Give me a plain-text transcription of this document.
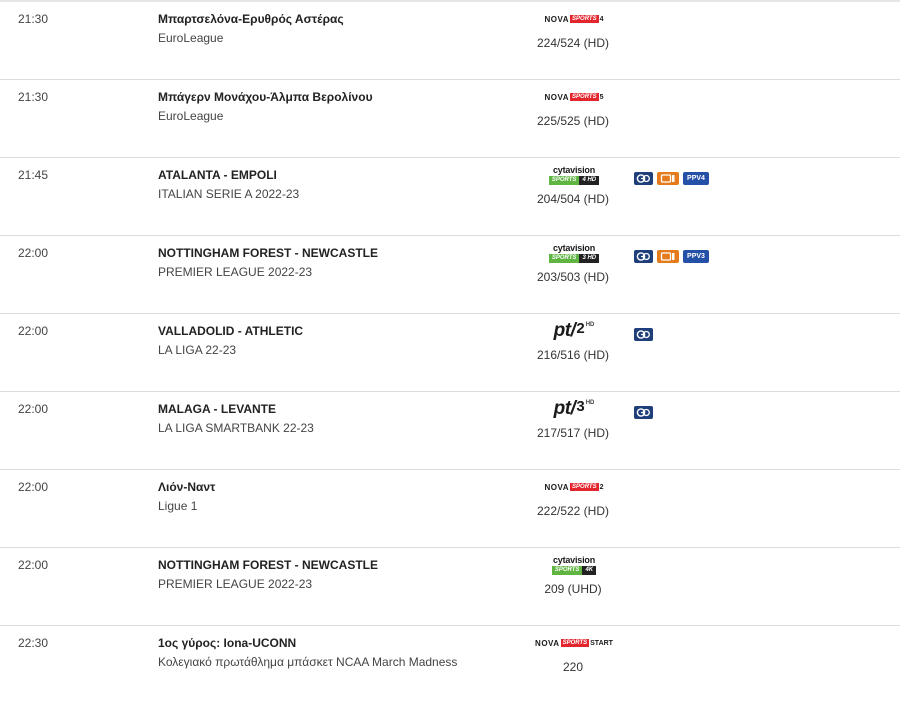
21:30	Μπαρτσελόνα-Ερυθρός Αστέρας
EuroLeague
NOVA SPORTS 4
224/524 (HD)
21:30	Μπάγερν Μονάχου-Άλμπα Βερολίνου
EuroLeague
NOVA SPORTS 5
225/525 (HD)
21:45	ATALANTA - EMPOLI
ITALIAN SERIE A 2022-23
cytavision
SPORTS	4 HD
204/504 (HD)
PPV4
22:00	NOTTINGHAM FOREST - NEWCASTLE
PREMIER LEAGUE 2022-23
cytavision
SPORTS	3 HD
203/503 (HD)
PPV3
22:00	VALLADOLID - ATHLETIC
LA LIGA 22-23
pt/ 2 HD
216/516 (HD)
22:00	MALAGA - LEVANTE
LA LIGA SMARTBANK 22-23
pt/ 3 HD
217/517 (HD)
22:00	Λιόν-Ναντ
Ligue 1
NOVA SPORTS 2
222/522 (HD)
22:00	NOTTINGHAM FOREST - NEWCASTLE
PREMIER LEAGUE 2022-23
cytavision
SPORTS	4K
209 (UHD)
22:30	1ος γύρος: Iona-UCONN
Κολεγιακό πρωτάθλημα μπάσκετ NCAA March Madness
NOVA SPORTS START
220
